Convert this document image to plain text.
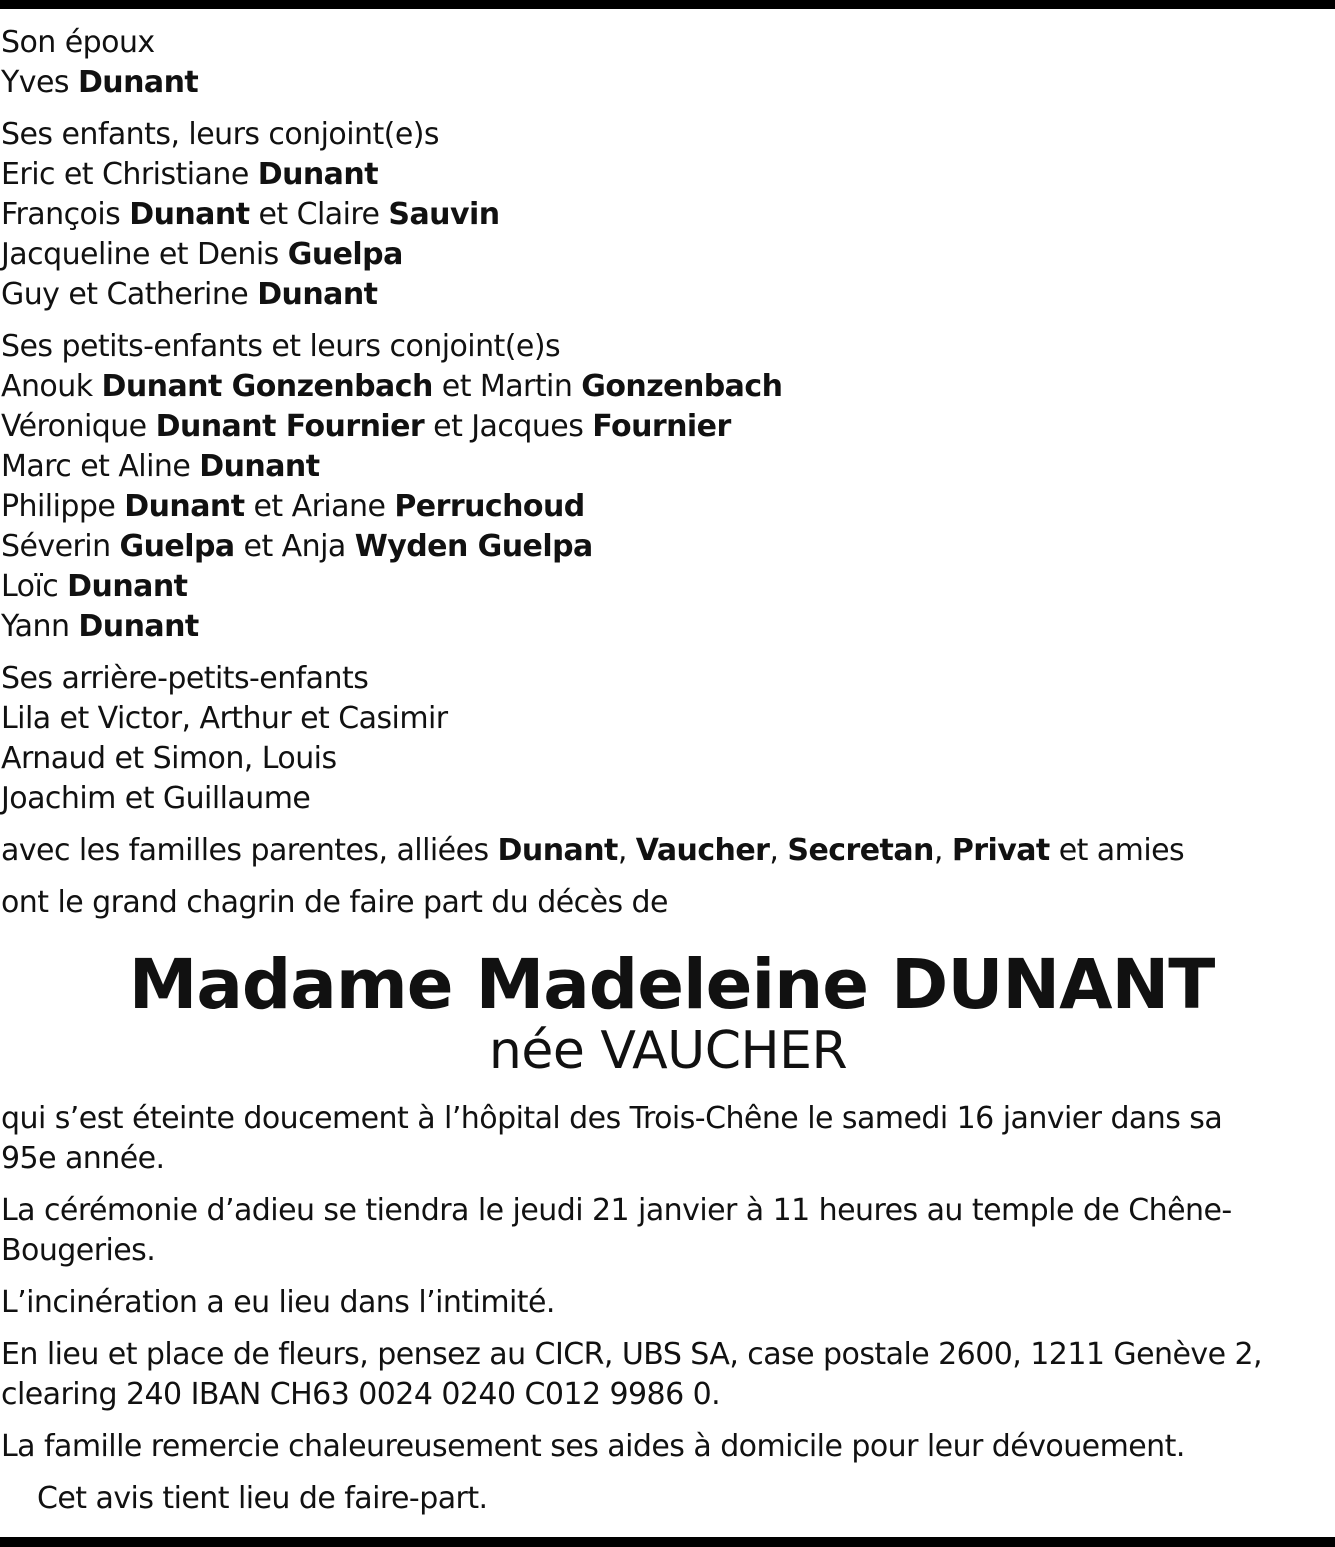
Son époux
Yves Dunant
Ses enfants, leurs conjoint(e)s
Eric et Christiane Dunant
François Dunant et Claire Sauvin
Jacqueline et Denis Guelpa
Guy et Catherine Dunant
Ses petits-enfants et leurs conjoint(e)s
Anouk Dunant Gonzenbach et Martin Gonzenbach
Véronique Dunant Fournier et Jacques Fournier
Marc et Aline Dunant
Philippe Dunant et Ariane Perruchoud
Séverin Guelpa et Anja Wyden Guelpa
Loïc Dunant
Yann Dunant
Ses arrière-petits-enfants
Lila et Victor, Arthur et Casimir
Arnaud et Simon, Louis
Joachim et Guillaume
avec les familles parentes, alliées Dunant, Vaucher, Secretan, Privat et amies
ont le grand chagrin de faire part du décès de
Madame Madeleine DUNANT
née VAUCHER
qui s’est éteinte doucement à l’hôpital des Trois-Chêne le samedi 16 janvier dans sa
95e année.
La cérémonie d’adieu se tiendra le jeudi 21 janvier à 11 heures au temple de Chêne-
Bougeries.
L’incinération a eu lieu dans l’intimité.
En lieu et place de fleurs, pensez au CICR, UBS SA, case postale 2600, 1211 Genève 2,
clearing 240 IBAN CH63 0024 0240 C012 9986 0.
La famille remercie chaleureusement ses aides à domicile pour leur dévouement.
Cet avis tient lieu de faire-part.
